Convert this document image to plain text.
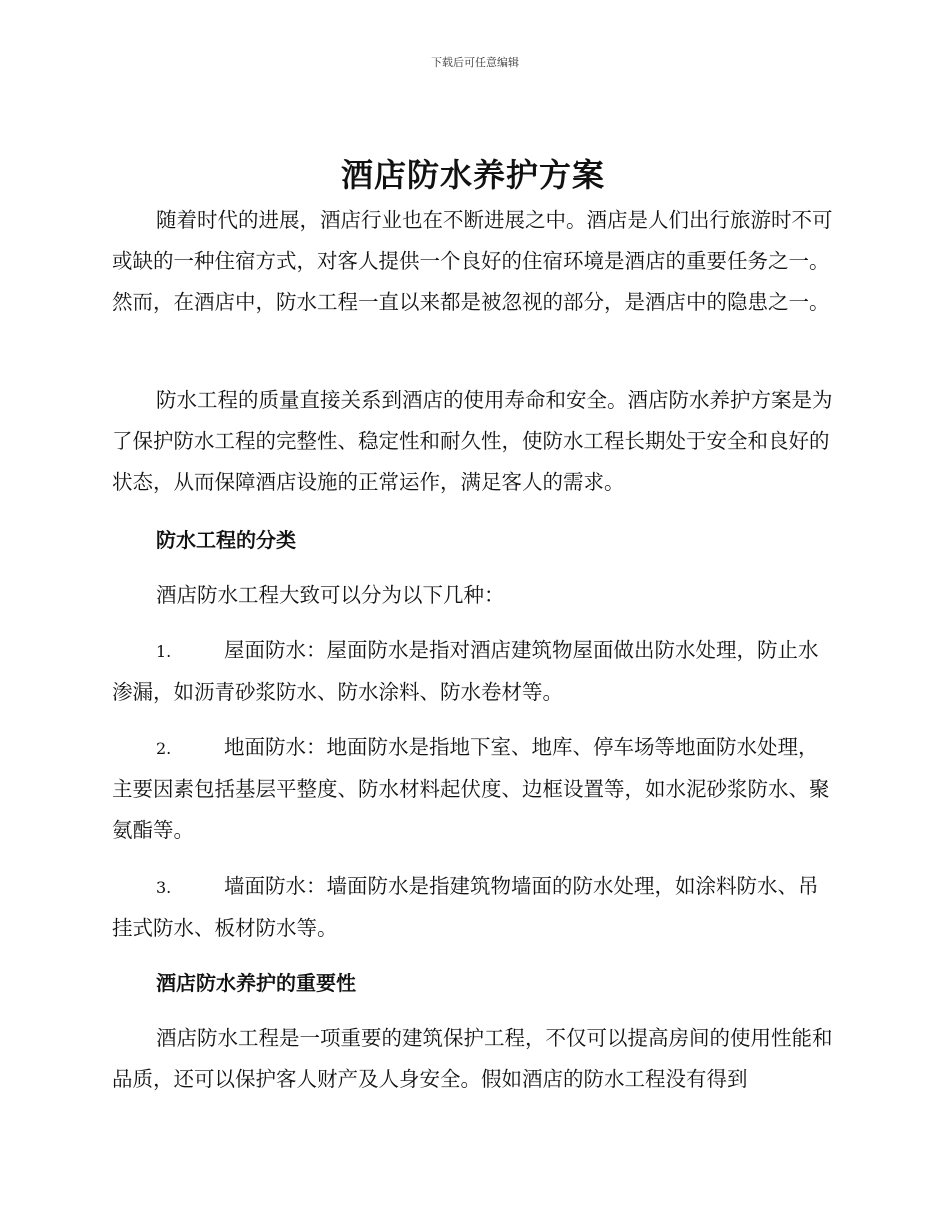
下载后可任意编辑
酒店防水养护方案

随着时代的进展，酒店行业也在不断进展之中。酒店是人们出行旅游时不可或缺的一种住宿方式，对客人提供一个良好的住宿环境是酒店的重要任务之一。然而，在酒店中，防水工程一直以来都是被忽视的部分，是酒店中的隐患之一。

防水工程的质量直接关系到酒店的使用寿命和安全。酒店防水养护方案是为了保护防水工程的完整性、稳定性和耐久性，使防水工程长期处于安全和良好的状态，从而保障酒店设施的正常运作，满足客人的需求。

防水工程的分类

酒店防水工程大致可以分为以下几种：

1.	屋面防水：屋面防水是指对酒店建筑物屋面做出防水处理，防止水渗漏，如沥青砂浆防水、防水涂料、防水卷材等。

2.	地面防水：地面防水是指地下室、地库、停车场等地面防水处理，主要因素包括基层平整度、防水材料起伏度、边框设置等，如水泥砂浆防水、聚氨酯等。

3.	墙面防水：墙面防水是指建筑物墙面的防水处理，如涂料防水、吊挂式防水、板材防水等。

酒店防水养护的重要性

酒店防水工程是一项重要的建筑保护工程，不仅可以提高房间的使用性能和品质，还可以保护客人财产及人身安全。假如酒店的防水工程没有得到
